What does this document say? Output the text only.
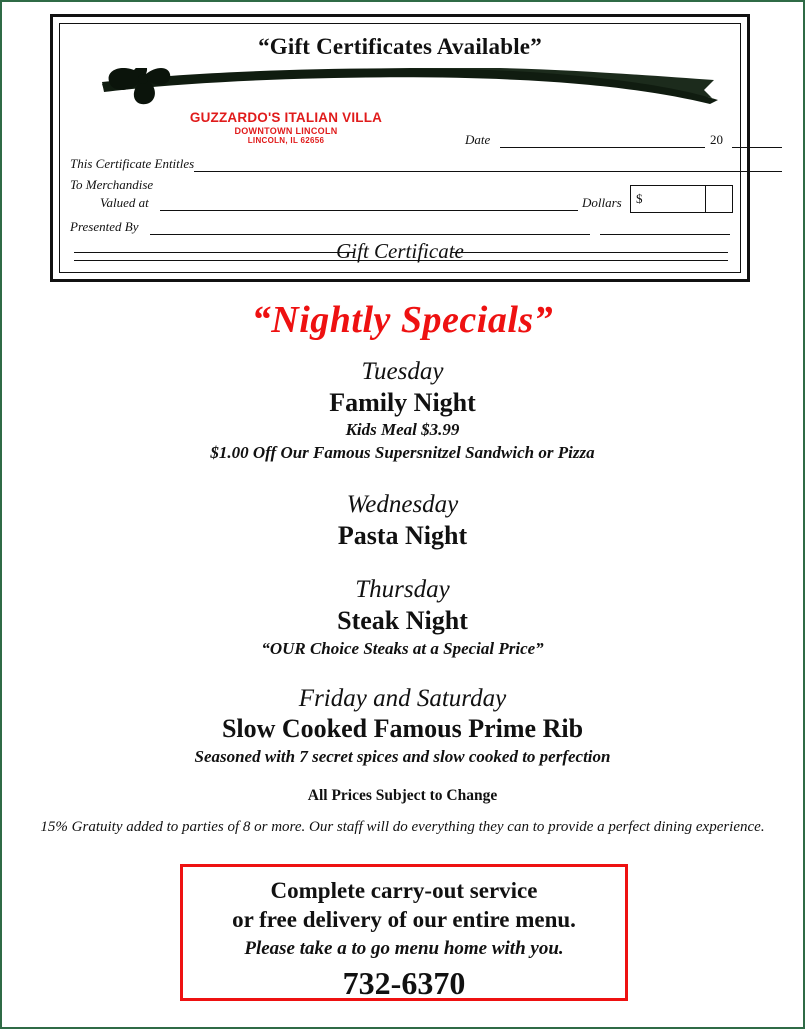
“Gift Certificates Available”
GUZZARDO'S ITALIAN VILLA
DOWNTOWN LINCOLN
LINCOLN, IL 62656	Date	20
This Certificate Entitles
To Merchandise
Valued at	Dollars $
Presented By
Gift Certificate
“Nightly Specials”
Tuesday
Family Night
Kids Meal $3.99
$1.00 Off Our Famous Supersnitzel Sandwich or Pizza
Wednesday
Pasta Night
Thursday
Steak Night
“OUR Choice Steaks at a Special Price”
Friday and Saturday
Slow Cooked Famous Prime Rib
Seasoned with 7 secret spices and slow cooked to perfection
All Prices Subject to Change
15% Gratuity added to parties of 8 or more. Our staff will do everything they can to provide a perfect dining experience.
Complete carry-out service
or free delivery of our entire menu.
Please take a to go menu home with you.
732-6370
